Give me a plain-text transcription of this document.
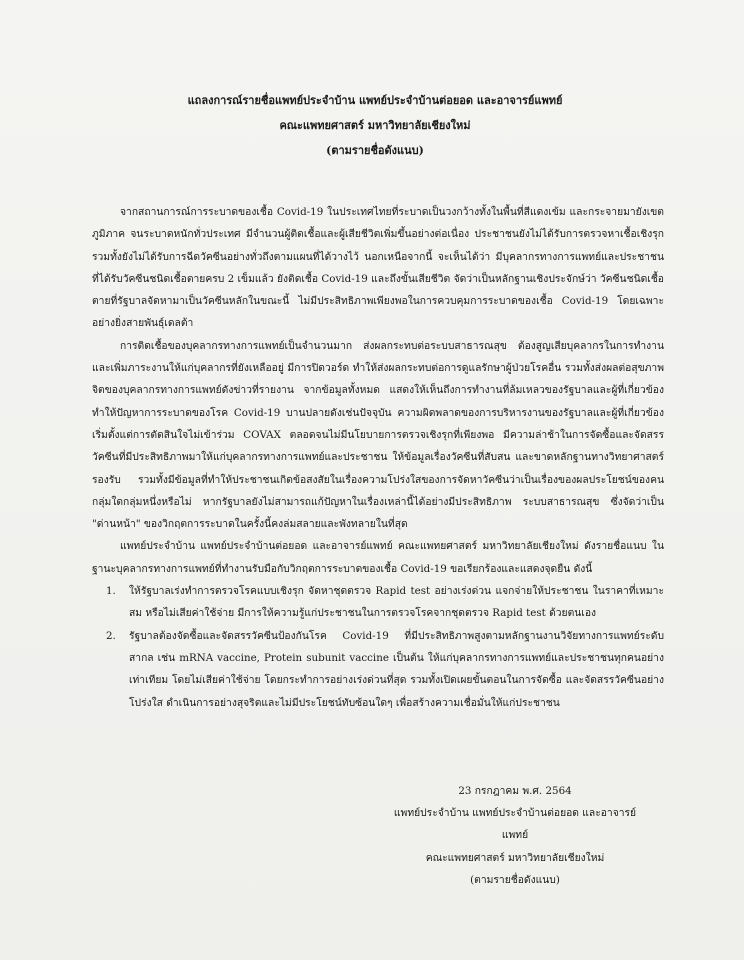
แถลงการณ์รายชื่อแพทย์ประจำบ้าน แพทย์ประจำบ้านต่อยอด และอาจารย์แพทย์
คณะแพทยศาสตร์ มหาวิทยาลัยเชียงใหม่
(ตามรายชื่อดังแนบ)

จากสถานการณ์การระบาดของเชื้อ Covid-19 ในประเทศไทยที่ระบาดเป็นวงกว้างทั้งในพื้นที่สีแดงเข้ม และกระจายมายังเขตภูมิภาค จนระบาดหนักทั่วประเทศ มีจำนวนผู้ติดเชื้อและผู้เสียชีวิตเพิ่มขึ้นอย่างต่อเนื่อง ประชาชนยังไม่ได้รับการตรวจหาเชื้อเชิงรุก รวมทั้งยังไม่ได้รับการฉีดวัคซีนอย่างทั่วถึงตามแผนที่ได้วางไว้ นอกเหนือจากนี้ จะเห็นได้ว่า มีบุคลากรทางการแพทย์และประชาชนที่ได้รับวัคซีนชนิดเชื้อตายครบ 2 เข็มแล้ว ยังติดเชื้อ Covid-19 และถึงขั้นเสียชีวิต จัดว่าเป็นหลักฐานเชิงประจักษ์ว่า วัคซีนชนิดเชื้อตายที่รัฐบาลจัดหามาเป็นวัคซีนหลักในขณะนี้ ไม่มีประสิทธิภาพเพียงพอในการควบคุมการระบาดของเชื้อ Covid-19 โดยเฉพาะอย่างยิ่งสายพันธุ์เดลต้า

การติดเชื้อของบุคลากรทางการแพทย์เป็นจำนวนมาก ส่งผลกระทบต่อระบบสาธารณสุข ต้องสูญเสียบุคลากรในการทำงาน และเพิ่มภาระงานให้แก่บุคลากรที่ยังเหลืออยู่ มีการปิดวอร์ด ทำให้ส่งผลกระทบต่อการดูแลรักษาผู้ป่วยโรคอื่น รวมทั้งส่งผลต่อสุขภาพจิตของบุคลากรทางการแพทย์ดังข่าวที่รายงาน จากข้อมูลทั้งหมด แสดงให้เห็นถึงการทำงานที่ล้มเหลวของรัฐบาลและผู้ที่เกี่ยวข้อง ทำให้ปัญหาการระบาดของโรค Covid-19 บานปลายดังเช่นปัจจุบัน ความผิดพลาดของการบริหารงานของรัฐบาลและผู้ที่เกี่ยวข้อง เริ่มตั้งแต่การตัดสินใจไม่เข้าร่วม COVAX ตลอดจนไม่มีนโยบายการตรวจเชิงรุกที่เพียงพอ มีความล่าช้าในการจัดซื้อและจัดสรรวัคซีนที่มีประสิทธิภาพมาให้แก่บุคลากรทางการแพทย์และประชาชน ให้ข้อมูลเรื่องวัคซีนที่สับสน และขาดหลักฐานทางวิทยาศาสตร์รองรับ รวมทั้งมีข้อมูลที่ทำให้ประชาชนเกิดข้อสงสัยในเรื่องความโปร่งใสของการจัดหาวัคซีนว่าเป็นเรื่องของผลประโยชน์ของคนกลุ่มใดกลุ่มหนึ่งหรือไม่ หากรัฐบาลยังไม่สามารถแก้ปัญหาในเรื่องเหล่านี้ได้อย่างมีประสิทธิภาพ ระบบสาธารณสุข ซึ่งจัดว่าเป็น "ด่านหน้า" ของวิกฤตการระบาดในครั้งนี้คงล่มสลายและพังทลายในที่สุด

แพทย์ประจำบ้าน แพทย์ประจำบ้านต่อยอด และอาจารย์แพทย์ คณะแพทยศาสตร์ มหาวิทยาลัยเชียงใหม่ ดังรายชื่อแนบ ในฐานะบุคลากรทางการแพทย์ที่ทำงานรับมือกับวิกฤตการระบาดของเชื้อ Covid-19 ขอเรียกร้องและแสดงจุดยืน ดังนี้

1. ให้รัฐบาลเร่งทำการตรวจโรคแบบเชิงรุก จัดหาชุดตรวจ Rapid test อย่างเร่งด่วน แจกจ่ายให้ประชาชน ในราคาที่เหมาะสม หรือไม่เสียค่าใช้จ่าย มีการให้ความรู้แก่ประชาชนในการตรวจโรคจากชุดตรวจ Rapid test ด้วยตนเอง
2. รัฐบาลต้องจัดซื้อและจัดสรรวัคซีนป้องกันโรค Covid-19 ที่มีประสิทธิภาพสูงตามหลักฐานงานวิจัยทางการแพทย์ระดับสากล เช่น mRNA vaccine, Protein subunit vaccine เป็นต้น ให้แก่บุคลากรทางการแพทย์และประชาชนทุกคนอย่างเท่าเทียม โดยไม่เสียค่าใช้จ่าย โดยกระทำการอย่างเร่งด่วนที่สุด รวมทั้งเปิดเผยขั้นตอนในการจัดซื้อ และจัดสรรวัคซีนอย่างโปร่งใส ดำเนินการอย่างสุจริตและไม่มีประโยชน์ทับซ้อนใดๆ เพื่อสร้างความเชื่อมั่นให้แก่ประชาชน
23 กรกฎาคม พ.ศ. 2564
แพทย์ประจำบ้าน แพทย์ประจำบ้านต่อยอด และอาจารย์แพทย์
คณะแพทยศาสตร์ มหาวิทยาลัยเชียงใหม่
(ตามรายชื่อดังแนบ)
